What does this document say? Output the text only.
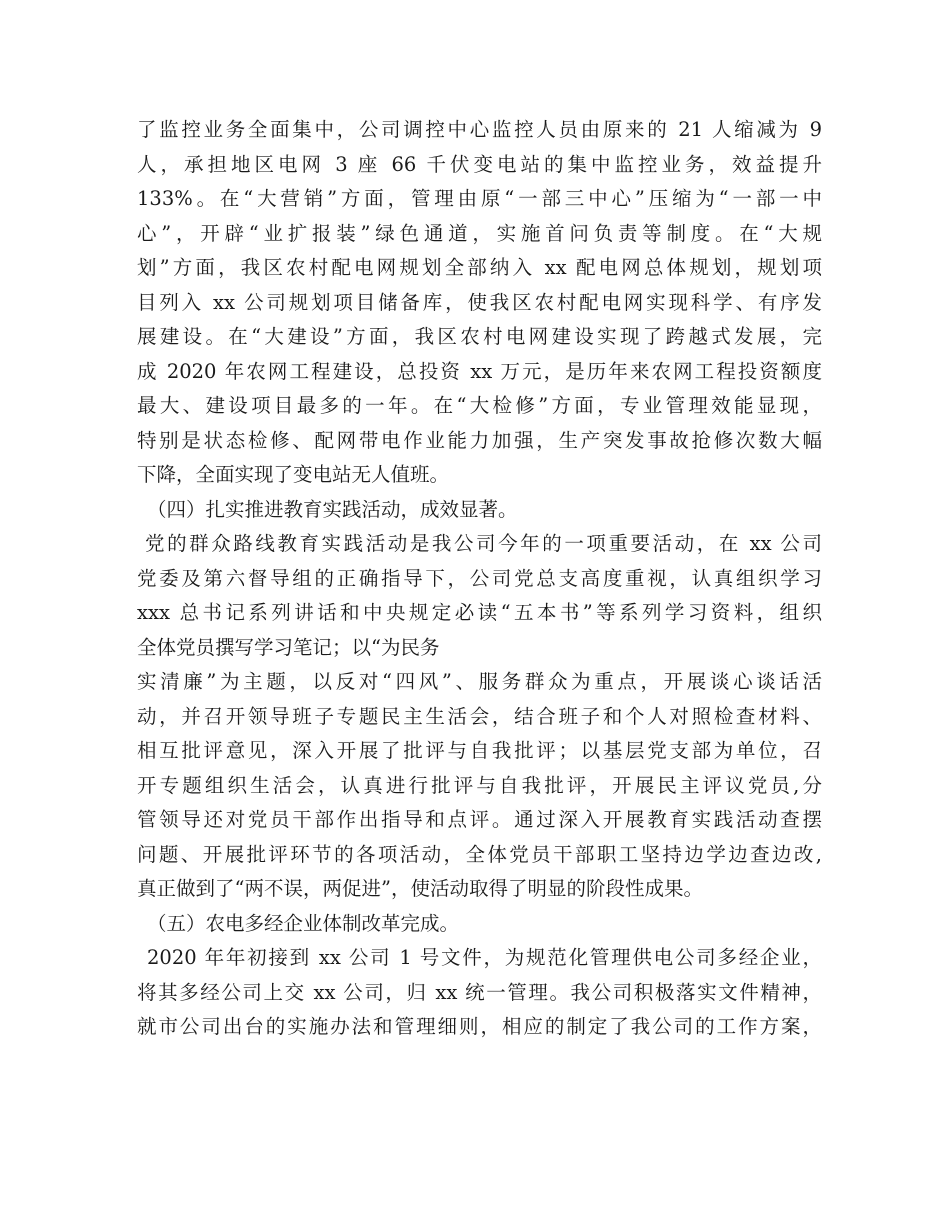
了监控业务全面集中，公司调控中心监控人员由原来的 21 人缩减为 9
人，承担地区电网 3 座 66 千伏变电站的集中监控业务，效益提升
133%。在“大营销”方面，管理由原“一部三中心”压缩为“一部一中
心”，开辟“业扩报装”绿色通道，实施首问负责等制度。在“大规
划”方面，我区农村配电网规划全部纳入 xx 配电网总体规划，规划项
目列入 xx 公司规划项目储备库，使我区农村配电网实现科学、有序发
展建设。在“大建设”方面，我区农村电网建设实现了跨越式发展，完
成 2020 年农网工程建设，总投资 xx 万元，是历年来农网工程投资额度
最大、建设项目最多的一年。在“大检修”方面，专业管理效能显现，
特别是状态检修、配网带电作业能力加强，生产突发事故抢修次数大幅
下降，全面实现了变电站无人值班。
（四）扎实推进教育实践活动，成效显著。
党的群众路线教育实践活动是我公司今年的一项重要活动，在 xx 公司
党委及第六督导组的正确指导下，公司党总支高度重视，认真组织学习
xxx 总书记系列讲话和中央规定必读“五本书”等系列学习资料，组织
全体党员撰写学习笔记；以“为民务
实清廉”为主题，以反对“四风”、服务群众为重点，开展谈心谈话活
动，并召开领导班子专题民主生活会，结合班子和个人对照检查材料、
相互批评意见，深入开展了批评与自我批评；以基层党支部为单位，召
开专题组织生活会，认真进行批评与自我批评，开展民主评议党员,分
管领导还对党员干部作出指导和点评。通过深入开展教育实践活动查摆
问题、开展批评环节的各项活动，全体党员干部职工坚持边学边查边改,
真正做到了“两不误，两促进”，使活动取得了明显的阶段性成果。
（五）农电多经企业体制改革完成。
2020 年年初接到 xx 公司 1 号文件，为规范化管理供电公司多经企业，
将其多经公司上交 xx 公司，归 xx 统一管理。我公司积极落实文件精神，
就市公司出台的实施办法和管理细则，相应的制定了我公司的工作方案，
